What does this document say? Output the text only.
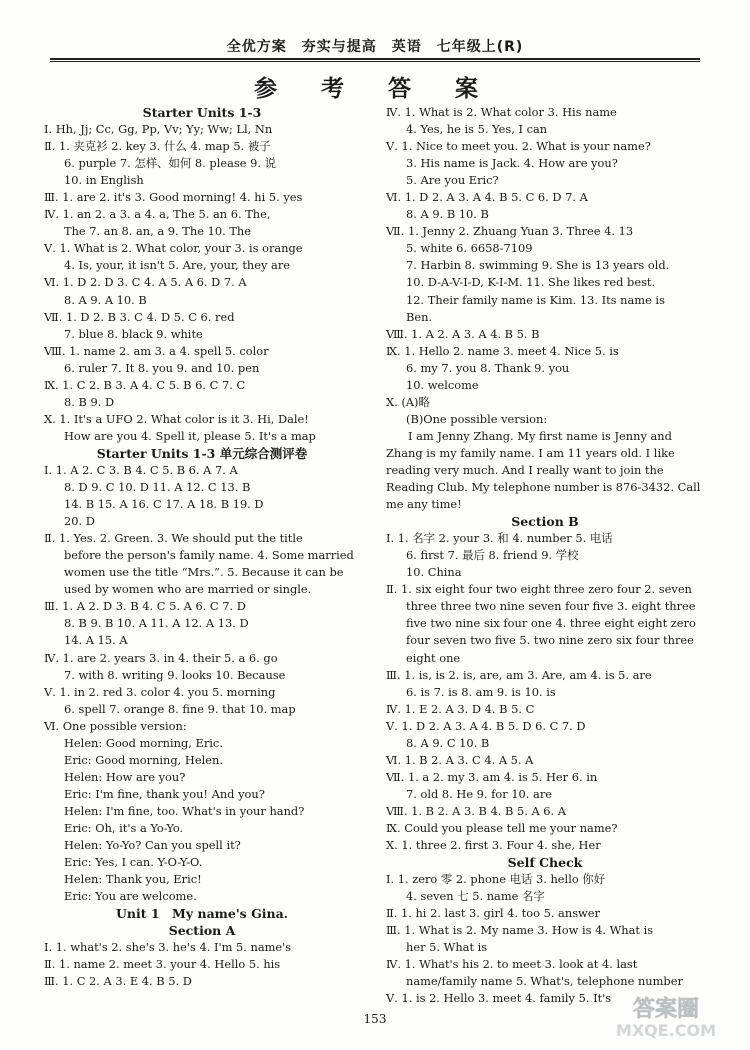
全优方案　夯实与提高　英语　七年级上(R)
参 考 答 案
Starter Units 1-3
Ⅰ. Hh, Jj; Cc, Gg, Pp, Vv; Yy; Ww; Ll, Nn
Ⅱ. 1. 夹克衫 2. key 3. 什么 4. map 5. 被子
6. purple 7. 怎样、如何 8. please 9. 说
10. in English
Ⅲ. 1. are 2. it's 3. Good morning! 4. hi 5. yes
Ⅳ. 1. an 2. a 3. a 4. a, The 5. an 6. The,
The 7. an 8. an, a 9. The 10. The
Ⅴ. 1. What is 2. What color, your 3. is orange
4. Is, your, it isn't 5. Are, your, they are
Ⅵ. 1. D 2. D 3. C 4. A 5. A 6. D 7. A
8. A 9. A 10. B
Ⅶ. 1. D 2. B 3. C 4. D 5. C 6. red
7. blue 8. black 9. white
Ⅷ. 1. name 2. am 3. a 4. spell 5. color
6. ruler 7. It 8. you 9. and 10. pen
Ⅸ. 1. C 2. B 3. A 4. C 5. B 6. C 7. C
8. B 9. D
Ⅹ. 1. It's a UFO 2. What color is it 3. Hi, Dale!
How are you 4. Spell it, please 5. It's a map
Starter Units 1-3 单元综合测评卷
Ⅰ. 1. A 2. C 3. B 4. C 5. B 6. A 7. A
8. D 9. C 10. D 11. A 12. C 13. B
14. B 15. A 16. C 17. A 18. B 19. D
20. D
Ⅱ. 1. Yes. 2. Green. 3. We should put the title
before the person's family name. 4. Some married
women use the title “Mrs.”. 5. Because it can be
used by women who are married or single.
Ⅲ. 1. A 2. D 3. B 4. C 5. A 6. C 7. D
8. B 9. B 10. A 11. A 12. A 13. D
14. A 15. A
Ⅳ. 1. are 2. years 3. in 4. their 5. a 6. go
7. with 8. writing 9. looks 10. Because
Ⅴ. 1. in 2. red 3. color 4. you 5. morning
6. spell 7. orange 8. fine 9. that 10. map
Ⅵ. One possible version:
Helen: Good morning, Eric.
Eric: Good morning, Helen.
Helen: How are you?
Eric: I'm fine, thank you! And you?
Helen: I'm fine, too. What's in your hand?
Eric: Oh, it's a Yo-Yo.
Helen: Yo-Yo? Can you spell it?
Eric: Yes, I can. Y-O-Y-O.
Helen: Thank you, Eric!
Eric: You are welcome.
Unit 1　My name's Gina.
Section A
Ⅰ. 1. what's 2. she's 3. he's 4. I'm 5. name's
Ⅱ. 1. name 2. meet 3. your 4. Hello 5. his
Ⅲ. 1. C 2. A 3. E 4. B 5. D
Ⅳ. 1. What is 2. What color 3. His name
4. Yes, he is 5. Yes, I can
Ⅴ. 1. Nice to meet you. 2. What is your name?
3. His name is Jack. 4. How are you?
5. Are you Eric?
Ⅵ. 1. D 2. A 3. A 4. B 5. C 6. D 7. A
8. A 9. B 10. B
Ⅶ. 1. Jenny 2. Zhuang Yuan 3. Three 4. 13
5. white 6. 6658-7109
7. Harbin 8. swimming 9. She is 13 years old.
10. D-A-V-I-D, K-I-M. 11. She likes red best.
12. Their family name is Kim. 13. Its name is
Ben.
Ⅷ. 1. A 2. A 3. A 4. B 5. B
Ⅸ. 1. Hello 2. name 3. meet 4. Nice 5. is
6. my 7. you 8. Thank 9. you
10. welcome
Ⅹ. (A)略
(B)One possible version:
I am Jenny Zhang. My first name is Jenny and Zhang is my family name. I am 11 years old. I like reading very much. And I really want to join the Reading Club. My telephone number is 876-3432. Call me any time!
Section B
Ⅰ. 1. 名字 2. your 3. 和 4. number 5. 电话
6. first 7. 最后 8. friend 9. 学校
10. China
Ⅱ. 1. six eight four two eight three zero four 2. seven
three three two nine seven four five 3. eight three
five two nine six four one 4. three eight eight zero
four seven two five 5. two nine zero six four three
eight one
Ⅲ. 1. is, is 2. is, are, am 3. Are, am 4. is 5. are
6. is 7. is 8. am 9. is 10. is
Ⅳ. 1. E 2. A 3. D 4. B 5. C
Ⅴ. 1. D 2. A 3. A 4. B 5. D 6. C 7. D
8. A 9. C 10. B
Ⅵ. 1. B 2. A 3. C 4. A 5. A
Ⅶ. 1. a 2. my 3. am 4. is 5. Her 6. in
7. old 8. He 9. for 10. are
Ⅷ. 1. B 2. A 3. B 4. B 5. A 6. A
Ⅸ. Could you please tell me your name?
Ⅹ. 1. three 2. first 3. Four 4. she, Her
Self Check
Ⅰ. 1. zero 零 2. phone 电话 3. hello 你好
4. seven 七 5. name 名字
Ⅱ. 1. hi 2. last 3. girl 4. too 5. answer
Ⅲ. 1. What is 2. My name 3. How is 4. What is
her 5. What is
Ⅳ. 1. What's his 2. to meet 3. look at 4. last
name/family name 5. What's, telephone number
Ⅴ. 1. is 2. Hello 3. meet 4. family 5. It's
153	答案圈
MXQE.COM
